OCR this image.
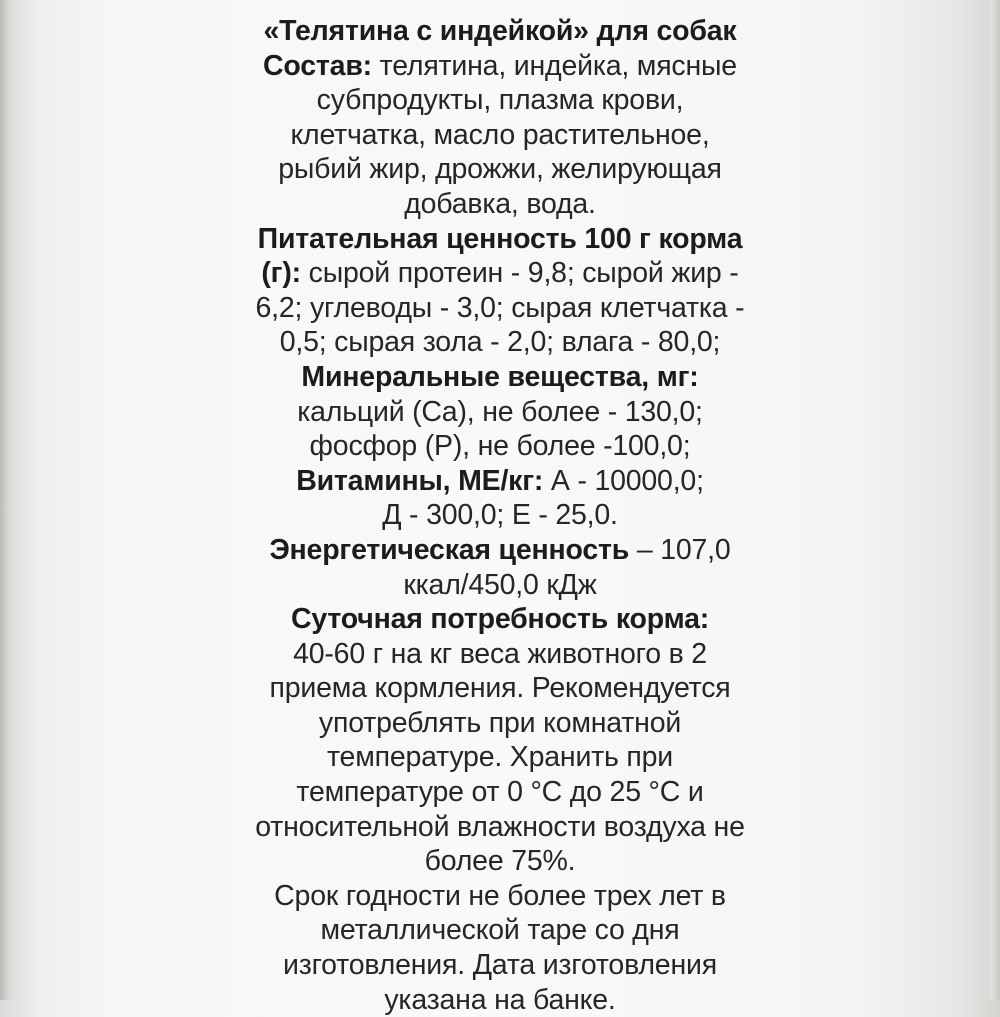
«Телятина с индейкой» для собак
Состав: телятина, индейка, мясные
субпродукты, плазма крови,
клетчатка, масло растительное,
рыбий жир, дрожжи, желирующая
добавка, вода.
Питательная ценность 100 г корма
(г): сырой протеин - 9,8; сырой жир -
6,2; углеводы - 3,0; сырая клетчатка -
0,5; сырая зола - 2,0; влага - 80,0;
Минеральные вещества, мг:
кальций (Ca), не более - 130,0;
фосфор (P), не более -100,0;
Витамины, МЕ/кг: А - 10000,0;
Д - 300,0; Е - 25,0.
Энергетическая ценность – 107,0
ккал/450,0 кДж
Суточная потребность корма:
40-60 г на кг веса животного в 2
приема кормления. Рекомендуется
употреблять при комнатной
температуре. Хранить при
температуре от 0 °C до 25 °C и
относительной влажности воздуха не
более 75%.
Срок годности не более трех лет в
металлической таре со дня
изготовления. Дата изготовления
указана на банке.
